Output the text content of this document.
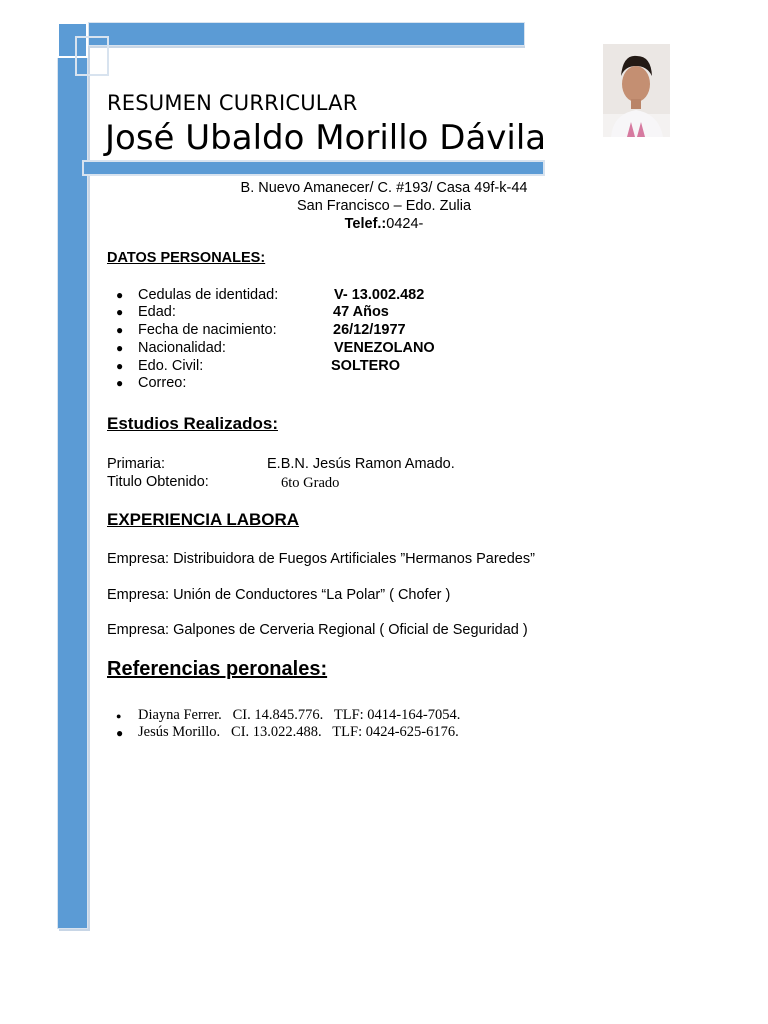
RESUMEN CURRICULAR
José Ubaldo Morillo Dávila
B. Nuevo Amanecer/ C. #193/ Casa 49f-k-44
San Francisco – Edo. Zulia
Telef.:0424-
DATOS PERSONALES:
● Cedulas de identidad:	V- 13.002.482
● Edad:	47 Años
● Fecha de nacimiento:	26/12/1977
● Nacionalidad:	VENEZOLANO
● Edo. Civil:	SOLTERO
● Correo:
Estudios Realizados:
Primaria:	E.B.N. Jesús Ramon Amado.
Titulo Obtenido:	6to Grado
EXPERIENCIA LABORA
Empresa: Distribuidora de Fuegos Artificiales ”Hermanos Paredes”
Empresa: Unión de Conductores “La Polar” ( Chofer )
Empresa: Galpones de Cerveria Regional ( Oficial de Seguridad )
Referencias peronales:
● Diayna Ferrer.   CI. 14.845.776.   TLF: 0414-164-7054.
● Jesús Morillo.   CI. 13.022.488.   TLF: 0424-625-6176.
